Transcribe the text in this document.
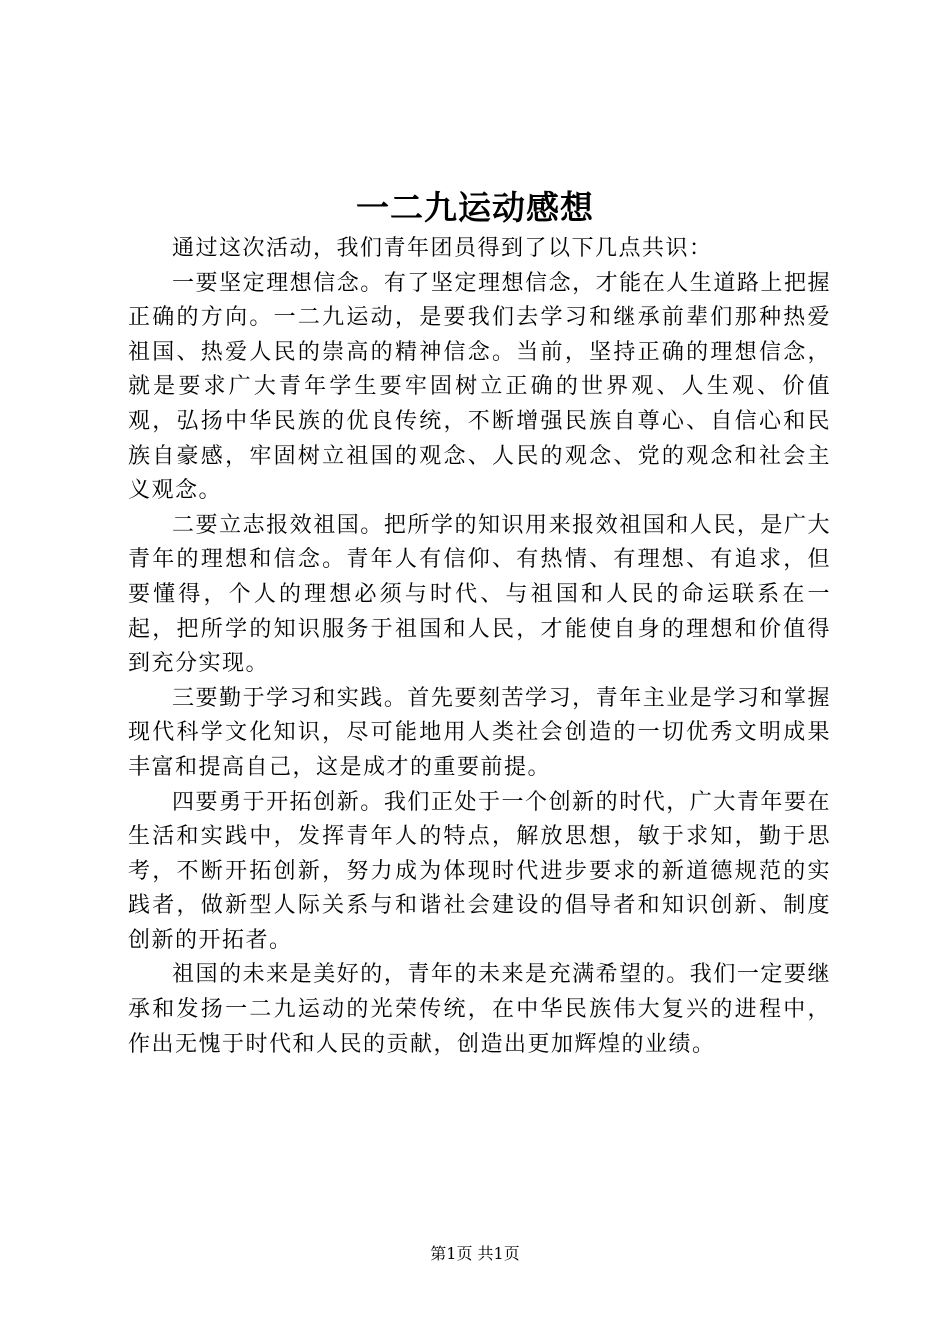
一二九运动感想

通过这次活动，我们青年团员得到了以下几点共识：

一要坚定理想信念。有了坚定理想信念，才能在人生道路上把握正确的方向。一二九运动，是要我们去学习和继承前辈们那种热爱祖国、热爱人民的崇高的精神信念。当前，坚持正确的理想信念，就是要求广大青年学生要牢固树立正确的世界观、人生观、价值观，弘扬中华民族的优良传统，不断增强民族自尊心、自信心和民族自豪感，牢固树立祖国的观念、人民的观念、党的观念和社会主义观念。

二要立志报效祖国。把所学的知识用来报效祖国和人民，是广大青年的理想和信念。青年人有信仰、有热情、有理想、有追求，但要懂得，个人的理想必须与时代、与祖国和人民的命运联系在一起，把所学的知识服务于祖国和人民，才能使自身的理想和价值得到充分实现。

三要勤于学习和实践。首先要刻苦学习，青年主业是学习和掌握现代科学文化知识，尽可能地用人类社会创造的一切优秀文明成果丰富和提高自己，这是成才的重要前提。

四要勇于开拓创新。我们正处于一个创新的时代，广大青年要在生活和实践中，发挥青年人的特点，解放思想，敏于求知，勤于思考，不断开拓创新，努力成为体现时代进步要求的新道德规范的实践者，做新型人际关系与和谐社会建设的倡导者和知识创新、制度创新的开拓者。

祖国的未来是美好的，青年的未来是充满希望的。我们一定要继承和发扬一二九运动的光荣传统，在中华民族伟大复兴的进程中，作出无愧于时代和人民的贡献，创造出更加辉煌的业绩。

第1页 共1页
